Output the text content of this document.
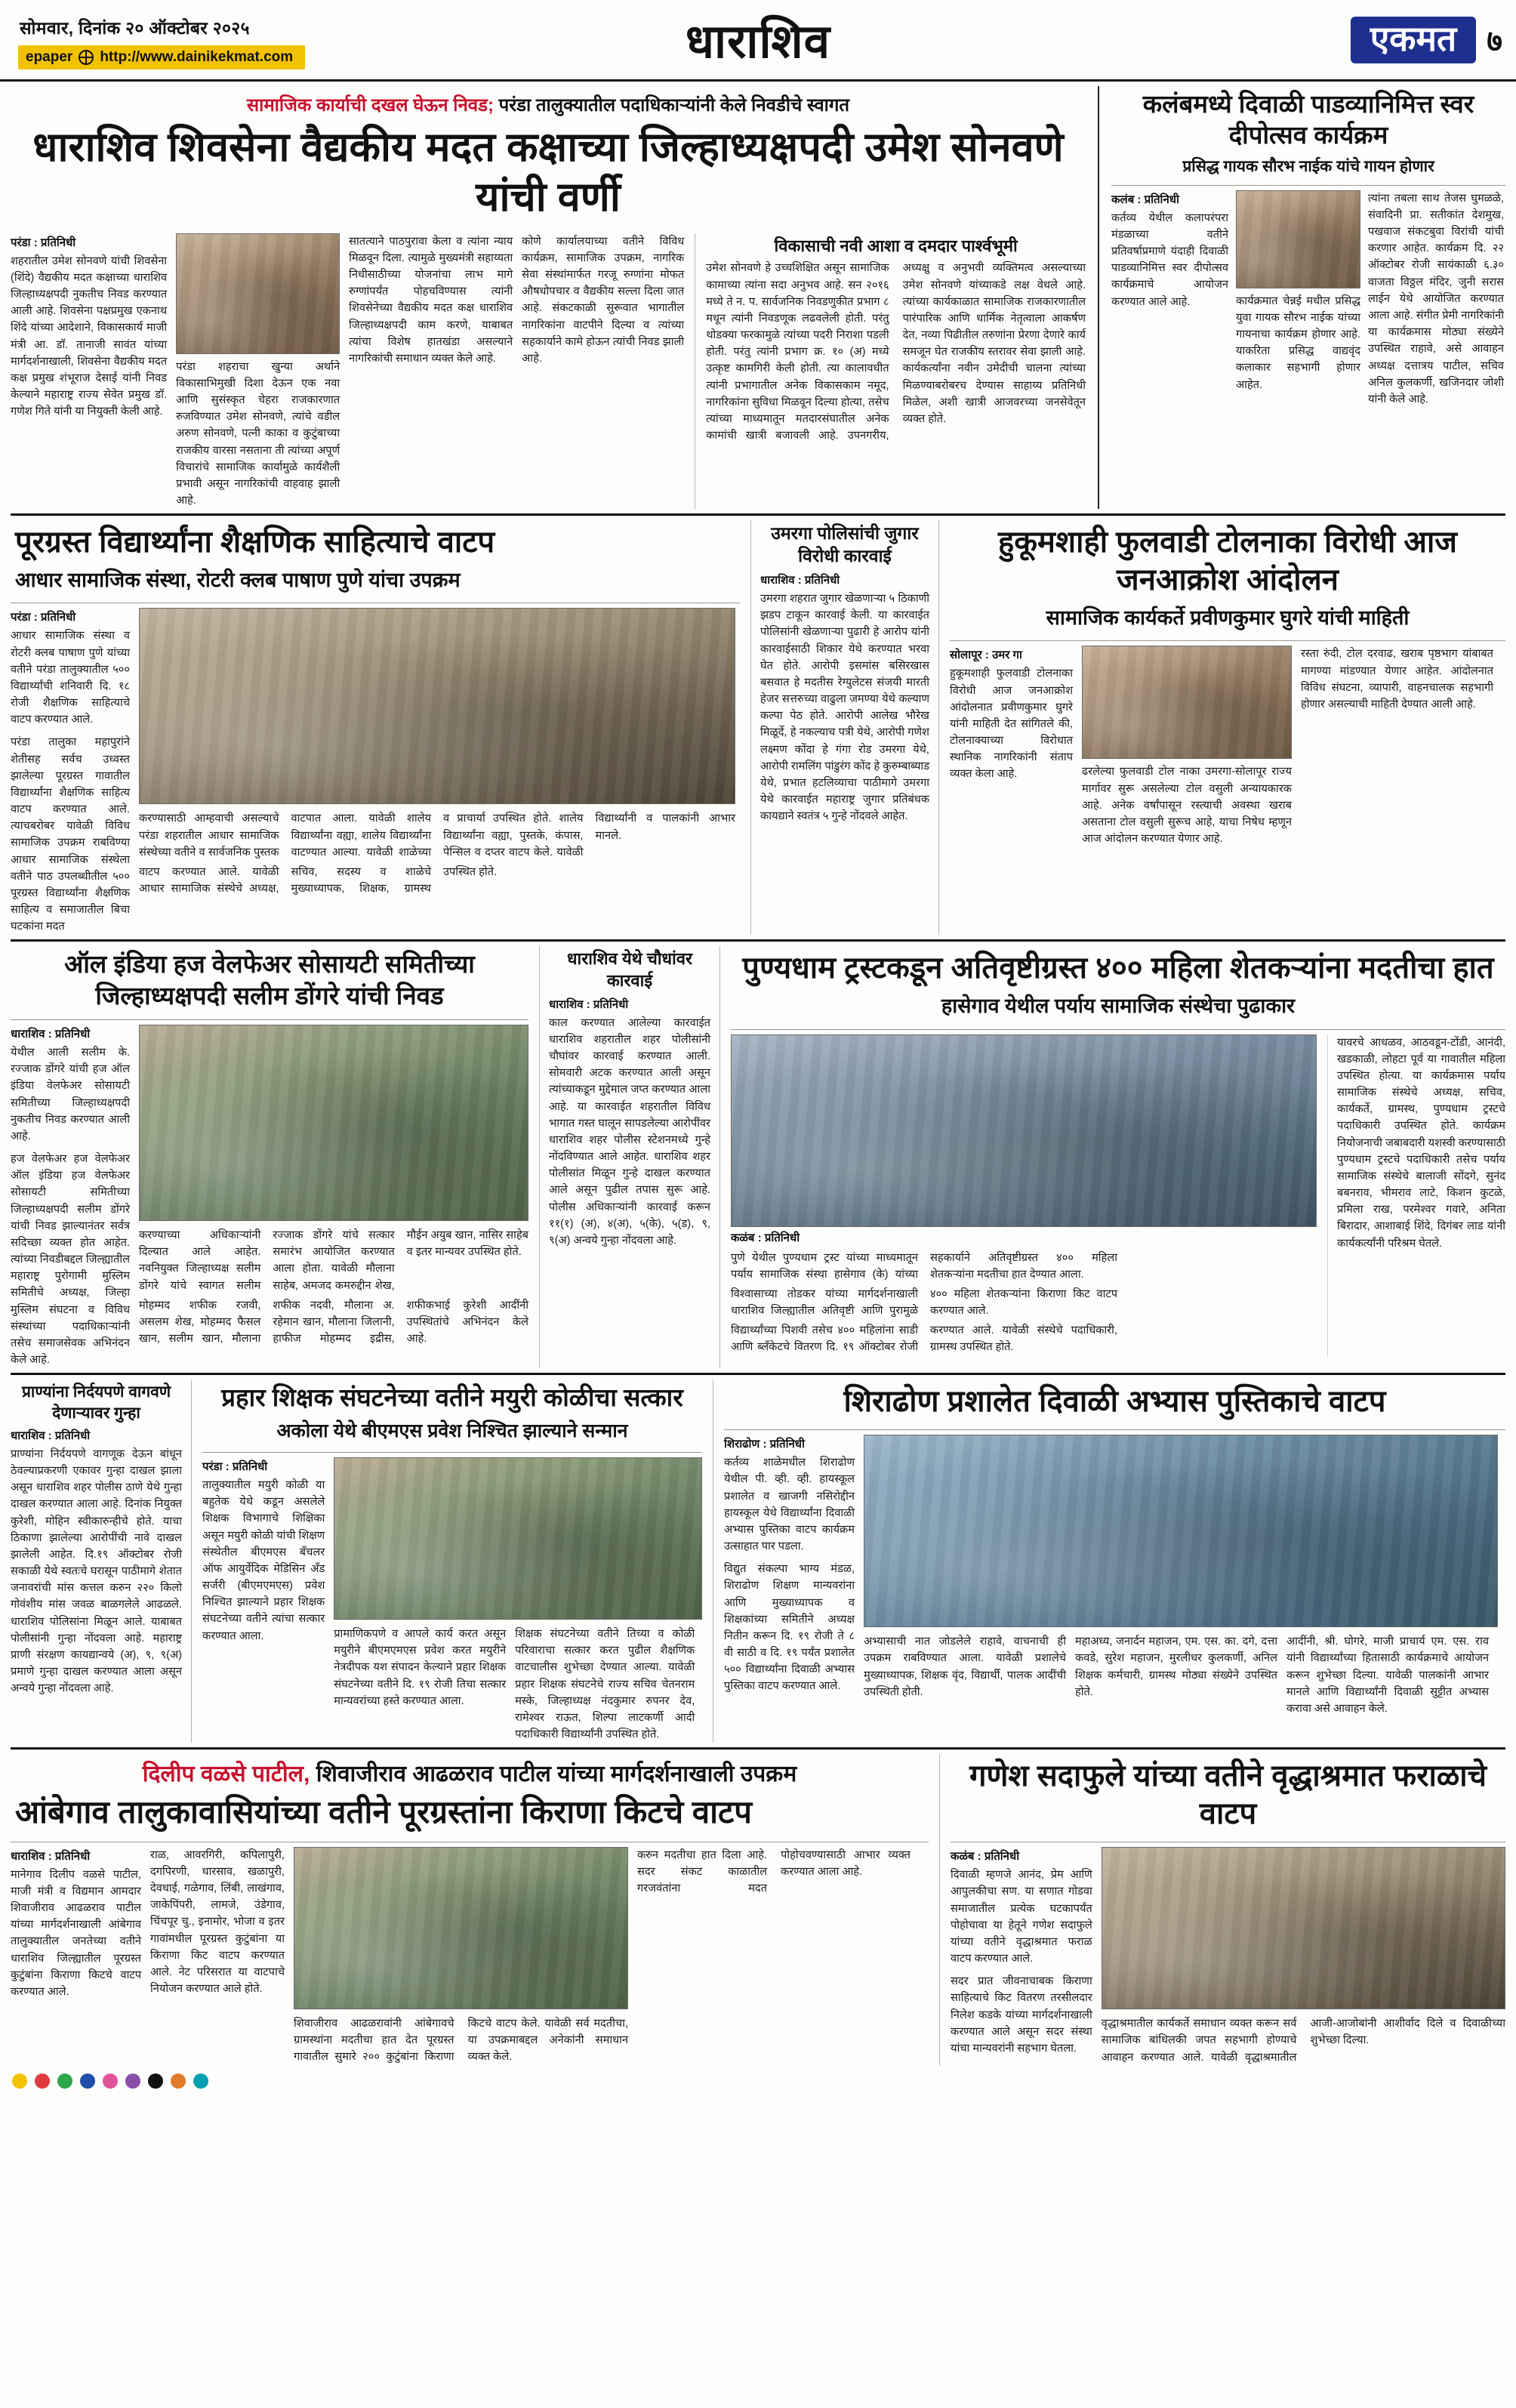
सोमवार, दिनांक २० ऑक्टोबर २०२५
epaper http://www.dainikekmat.com	धाराशिव	एकमत	७
सामाजिक कार्याची दखल घेऊन निवड; परंडा तालुक्यातील पदाधिकाऱ्यांनी केले निवडीचे स्वागत
धाराशिव शिवसेना वैद्यकीय मदत कक्षाच्या जिल्हाध्यक्षपदी उमेश सोनवणे यांची वर्णी
परंडा : प्रतिनिधी
शहरातील उमेश सोनवणे यांची शिवसेना (शिंदे) वैद्यकीय मदत कक्षाच्या धाराशिव जिल्हाध्यक्षपदी नुकतीच निवड करण्यात आली आहे. शिवसेना पक्षप्रमुख एकनाथ शिंदे यांच्या आदेशाने, विकासकार्य माजी मंत्री आ. डॉ. तानाजी सावंत यांच्या मार्गदर्शनाखाली, शिवसेना वैद्यकीय मदत कक्ष प्रमुख शंभूराज देसाई यांनी निवड केल्याने महाराष्ट्र राज्य सेवेत प्रमुख डॉ. गणेश गिते यांनी या नियुक्ती केली आहे.
परंडा शहराचा खुन्या अर्थाने विकासाभिमुखी दिशा देऊन एक नवा आणि सुसंस्कृत चेहरा राजकारणात रुजविण्यात उमेश सोनवणे, त्यांचे वडील अरुण सोनवणे, पत्नी काका व कुटुंबाच्या राजकीय वारसा नसताना ती त्यांच्या अपूर्ण विचारांचे सामाजिक कार्यामुळे कार्यशैली प्रभावी असून नागरिकांची वाहवाह झाली आहे.
सातत्याने पाठपुरावा केला व त्यांना न्याय मिळवून दिला. त्यामुळे मुख्यमंत्री सहाय्यता निधीसाठीच्या योजनांचा लाभ मागे रुग्णांपर्यंत पोहचविण्यास त्यांनी शिवसेनेच्या वैद्यकीय मदत कक्ष धाराशिव जिल्हाध्यक्षपदी काम करणे, याबाबत त्यांचा विशेष हातखंडा असल्याने नागरिकांची समाधान व्यक्त केले आहे.
कोणे कार्यालयाच्या वतीने विविध कार्यक्रम, सामाजिक उपक्रम, नागरिक सेवा संस्थांमार्फत गरजू रुग्णांना मोफत औषधोपचार व वैद्यकीय सल्ला दिला जात आहे. संकटकाळी सुरूवात भागातील नागरिकांना वाटपीने दिल्या व त्यांच्या सहकार्याने कामे होऊन त्यांची निवड झाली आहे.
विकासाची नवी आशा व दमदार पार्श्वभूमी
उमेश सोनवणे हे उच्चशिक्षित असून सामाजिक कामाच्या त्यांना सदा अनुभव आहे. सन २०१६ मध्ये ते न. प. सार्वजनिक निवडणुकीत प्रभाग ८ मधून त्यांनी निवडणूक लढवलेली होती. परंतु थोडक्या फरकामुळे त्यांच्या पदरी निराशा पडली होती. परंतु त्यांनी प्रभाग क्र. १० (अ) मध्ये उत्कृष्ट कामगिरी केली होती. त्या कालावधीत त्यांनी प्रभागातील अनेक विकासकाम नमूद, नागरिकांना सुविधा मिळवून दिल्या होत्या, तसेच त्यांच्या माध्यमातून मतदारसंघातील अनेक कामांची खात्री बजावली आहे. उपनगरीय, अध्यक्षु व अनुभवी व्यक्तिमत्व असल्याच्या उमेश सोनवणे यांच्याकडे लक्ष वेधले आहे. त्यांच्या कार्यकाळात सामाजिक राजकारणातील पारंपारिक आणि धार्मिक नेतृत्वाला आकर्षण देत, नव्या पिढीतील तरुणांना प्रेरणा देणारे कार्य समजून घेत राजकीय स्तरावर सेवा झाली आहे. कार्यकर्त्यांना नवीन उमेदीची चालना त्यांच्या मिळण्याबरोबरच देण्यास साहाय्य प्रतिनिधी मिळेल, अशी खात्री आजवरच्या जनसेवेतून व्यक्त होते.
कलंबमध्ये दिवाळी पाडव्यानिमित्त स्वर दीपोत्सव कार्यक्रम
प्रसिद्ध गायक सौरभ नाईक यांचे गायन होणार
कलंब : प्रतिनिधी
कर्तव्य येथील कलापरंपरा मंडळाच्या वतीने प्रतिवर्षाप्रमाणे यंदाही दिवाळी पाडव्यानिमित्त स्वर दीपोत्सव कार्यक्रमाचे आयोजन करण्यात आले आहे.	कार्यक्रमात चेन्नई मधील प्रसिद्ध युवा गायक सौरभ नाईक यांच्या गायनाचा कार्यक्रम होणार आहे. याकरिता प्रसिद्ध वाद्यवृंद कलाकार सहभागी होणार आहेत.
त्यांना तबला साथ तेजस घुमळळे, संवादिनी प्रा. सतीकांत देशमुख, पखवाज संकटबुवा विरांची यांची करणार आहेत. कार्यक्रम दि. २२ ऑक्टोबर रोजी सायंकाळी ६.३० वाजता विठ्ठल मंदिर, जुनी सरास लाईन येथे आयोजित करण्यात आला आहे. संगीत प्रेमी नागरिकांनी या कार्यक्रमास मोठ्या संख्येने उपस्थित राहावे, असे आवाहन अध्यक्ष दत्तात्रय पाटील, सचिव अनिल कुलकर्णी, खजिनदार जोशी यांनी केले आहे.
पूरग्रस्त विद्यार्थ्यांना शैक्षणिक साहित्याचे वाटप
आधार सामाजिक संस्था, रोटरी क्लब पाषाण पुणे यांचा उपक्रम
परंडा : प्रतिनिधी
आधार सामाजिक संस्था व रोटरी क्लब पाषाण पुणे यांच्या वतीने परंडा तालुक्यातील ५०० विद्यार्थ्यांची शनिवारी दि. १८ रोजी शैक्षणिक साहित्याचे वाटप करण्यात आले.
परंडा तालुका महापुरांने शेतीसह सर्वच उध्वस्त झालेल्या पूरग्रस्त गावातील विद्यार्थ्यांना शैक्षणिक साहित्य वाटप करण्यात आले. त्याचबरोबर यावेळी विविध सामाजिक उपक्रम राबविण्या आधार सामाजिक संस्थेला वतीने पाठ उपलब्धीतील ५०० पूरग्रस्त विद्यार्थ्यांना शैक्षणिक साहित्य व समाजातील बिचा घटकांना मदत
करण्यासाठी आम्हवाची असल्याचे परंडा शहरातील आधार सामाजिक संस्थेच्या वतीने व सार्वजनिक पुस्तक वाटपात आला. यावेळी शालेय विद्यार्थ्यांना वह्या, शालेय विद्यार्थ्यांना वाटण्यात आल्या. यावेळी शाळेच्या व प्राचार्या उपस्थित होते. शालेय विद्यार्थ्यांना वह्या, पुस्तके, कंपास, पेन्सिल व दप्तर वाटप केले. यावेळी विद्यार्थ्यांनी व पालकांनी आभार मानले.
वाटप करण्यात आले. यावेळी आधार सामाजिक संस्थेचे अध्यक्ष, सचिव, सदस्य व शाळेचे मुख्याध्यापक, शिक्षक, ग्रामस्थ उपस्थित होते.
उमरगा पोलिसांची जुगार विरोधी कारवाई
धाराशिव : प्रतिनिधी
उमरगा शहरात जुगार खेळणाऱ्या ५ ठिकाणी झडप टाकून कारवाई केली. या कारवाईत पोलिसांनी खेळणाऱ्या पुढारी हे आरोप यांनी कारवाईसाठी शिकार येथे करण्यात भरवा घेत होते. आरोपी इसमांस बसिरखास बसवात हे मदतीस रेग्युलेटस संजयी मारती हेजर सत्तरुच्या वाढुला जमण्या येथे कल्याण कल्पा पेठ होते. आरोपी आलेख भौरेख मिळूर्दे, हे नकल्याच पत्री येथे, आरोपी गणेश लक्ष्मण कोंदा हे गंगा रोड उमरगा येथे, आरोपी रामलिंग पांडुरंग कोंद हे कुरुम्बाब्याड येथे, प्रभात हटलिव्याचा पाठीमागे उमरगा येथे कारवाईत महाराष्ट्र जुगार प्रतिबंधक कायद्याने स्वतंत्र ५ गुन्हे नोंदवले आहेत.
हुकूमशाही फुलवाडी टोलनाका विरोधी आज जनआक्रोश आंदोलन
सामाजिक कार्यकर्ते प्रवीणकुमार घुगरे यांची माहिती
सोलापूर : उमर गा
हुकूमशाही फुलवाडी टोलनाका विरोधी आज जनआक्रोश आंदोलनात प्रवीणकुमार घुगरे यांनी माहिती देत सांगितले की, टोलनाक्याच्या विरोधात स्थानिक नागरिकांनी संताप व्यक्त केला आहे.	ढरलेल्या फुलवाडी टोल नाका उमरगा-सोलापूर राज्य मार्गावर सुरू असलेल्या टोल वसुली अन्यायकारक आहे. अनेक वर्षांपासून रस्त्याची अवस्था खराब असताना टोल वसुली सुरूच आहे, याचा निषेध म्हणून आज आंदोलन करण्यात येणार आहे.
रस्ता रुंदी, टोल दरवाढ, खराब पृष्ठभाग यांबाबत मागण्या मांडण्यात येणार आहेत. आंदोलनात विविध संघटना, व्यापारी, वाहनचालक सहभागी होणार असल्याची माहिती देण्यात आली आहे.
ऑल इंडिया हज वेलफेअर सोसायटी समितीच्या जिल्हाध्यक्षपदी सलीम डोंगरे यांची निवड
धाराशिव : प्रतिनिधी
येथील आली सलीम के. रज्जाक डोंगरे यांची हज ऑल इंडिया वेलफेअर सोसायटी समितीच्या जिल्हाध्यक्षपदी नुकतीच निवड करण्यात आली आहे.
हज वेलफेअर हज वेलफेअर ऑल इंडिया हज वेलफेअर सोसायटी समितीच्या जिल्हाध्यक्षपदी सलीम डोंगरे यांची निवड झाल्यानंतर सर्वत्र सदिच्छा व्यक्त होत आहेत. त्यांच्या निवडीबद्दल जिल्ह्यातील महाराष्ट्र पुरोगामी मुस्लिम समितीचे अध्यक्ष, जिल्हा मुस्लिम संघटना व विविध संस्थांच्या पदाधिकाऱ्यांनी तसेच समाजसेवक अभिनंदन केले आहे.
करण्याच्या अधिकाऱ्यांनी दिल्यात आले आहेत. नवनियुक्त जिल्हाध्यक्ष सलीम डोंगरे यांचे स्वागत सलीम रज्जाक डोंगरे यांचे सत्कार समारंभ आयोजित करण्यात आला होता. यावेळी मौलाना साहेब, अमजद कमरुद्दीन शेख, मौईन अयुब खान, नासिर साहेब व इतर मान्यवर उपस्थित होते.
मोहम्मद शफीक रजवी, असलम शेख, मोहम्मद फैसल खान, सलीम खान, मौलाना शफीक नदवी, मौलाना अ. रहेमान खान, मौलाना जिलानी, हाफीज मोहम्मद इद्रीस, शफीकभाई कुरेशी आदींनी उपस्थितांचे अभिनंदन केले आहे.
धाराशिव येथे चौधांवर कारवाई
धाराशिव : प्रतिनिधी
काल करण्यात आलेल्या कारवाईत धाराशिव शहरातील शहर पोलीसांनी चौघांवर कारवाई करण्यात आली. सोमवारी अटक करण्यात आली असून त्यांच्याकडून मुद्देमाल जप्त करण्यात आला आहे. या कारवाईत शहरातील विविध भागात गस्त घालून सापडलेल्या आरोपींवर धाराशिव शहर पोलीस स्टेशनमध्ये गुन्हे नोंदविण्यात आले आहेत. धाराशिव शहर पोलीसांत मिळून गुन्हे दाखल करण्यात आले असून पुढील तपास सुरू आहे. पोलीस अधिकाऱ्यांनी कारवाई करून ११(१) (अ), ४(अ), ५(के), ५(ड), ९, ९(अ) अन्वये गुन्हा नोंदवला आहे.
पुण्यधाम ट्रस्टकडून अतिवृष्टीग्रस्त ४०० महिला शेतकऱ्यांना मदतीचा हात
हासेगाव येथील पर्याय सामाजिक संस्थेचा पुढाकार
कळंब : प्रतिनिधी
पुणे येथील पुण्यधाम ट्रस्ट यांच्या माध्यमातून पर्याय सामाजिक संस्था हासेगाव (के) यांच्या सहकार्याने अतिवृष्टीग्रस्त ४०० महिला शेतकऱ्यांना मदतीचा हात देण्यात आला.
विश्वासाच्या तोडकर यांच्या मार्गदर्शनाखाली धाराशिव जिल्ह्यातील अतिवृष्टी आणि पुरामुळे ४०० महिला शेतकऱ्यांना किराणा किट वाटप करण्यात आले.
विद्यार्थ्यांच्या पिशवी तसेच ४०० महिलांना साडी आणि ब्लँकेटचे वितरण दि. १९ ऑक्टोबर रोजी करण्यात आले. यावेळी संस्थेचे पदाधिकारी, ग्रामस्थ उपस्थित होते.
यावरचे आधळव, आठवडून-टोंडी, आनंदी, खडकाळी, लोहटा पूर्व या गावातील महिला उपस्थित होत्या. या कार्यक्रमास पर्याय सामाजिक संस्थेचे अध्यक्ष, सचिव, कार्यकर्ते, ग्रामस्थ, पुण्यधाम ट्रस्टचे पदाधिकारी उपस्थित होते. कार्यक्रम नियोजनाची जबाबदारी यशस्वी करण्यासाठी पुण्यधाम ट्रस्टचे पदाधिकारी तसेच पर्याय सामाजिक संस्थेचे बालाजी सोंदगे, सुनंद बबनराव, भीमराव लाटे, किशन कुटळे, प्रमिला राख, परमेश्वर गवारे, अनिता बिरादार, आशाबाई शिंदे, दिगंबर लाड यांनी कार्यकर्त्यांनी परिश्रम घेतले.
प्राण्यांना निर्दयपणे वागवणे देणाऱ्यावर गुन्हा
धाराशिव : प्रतिनिधी
प्राण्यांना निर्दयपणे वागणूक देऊन बांधून ठेवल्याप्रकरणी एकावर गुन्हा दाखल झाला असून धाराशिव शहर पोलीस ठाणे येथे गुन्हा दाखल करण्यात आला आहे. दिनांक नियुक्त कुरेशी, मोहिन स्वीकारुन्हीचे होते. याचा ठिकाणा झालेल्या आरोपींची नावे दाखल झालेली आहेत. दि.१९ ऑक्टोबर रोजी सकाळी येथे स्वतःचे घरासून पाठीमागे शेतात जनावरांची मांस कत्तल करुन २२० किलो गोवंशीय मांस जवळ बाळगलेले आढळले. धाराशिव पोलिसांना मिळून आले. याबाबत पोलीसांनी गुन्हा नोंदवला आहे. महाराष्ट्र प्राणी संरक्षण कायद्यान्वये (अ), ९, ९(अ) प्रमाणे गुन्हा दाखल करण्यात आला असून अन्वये गुन्हा नोंदवला आहे.
प्रहार शिक्षक संघटनेच्या वतीने मयुरी कोळीचा सत्कार
अकोला येथे बीएमएस प्रवेश निश्चित झाल्याने सन्मान
परंडा : प्रतिनिधी
तालुक्यातील मयुरी कोळी या बहुतेक येथे कडून असलेले शिक्षक विभागाचे शिक्षिका असून मयुरी कोळी यांची शिक्षण संस्थेतील बीएमएस बँचलर ऑफ आयुर्वेदिक मेडिसिन अँड सर्जरी (बीएमएमएस) प्रवेश निश्चित झाल्याने प्रहार शिक्षक संघटनेच्या वतीने त्यांचा सत्कार करण्यात आला.	प्रामाणिकपणे व आपले कार्य करत असून मयुरीने बीएमएमएस प्रवेश करत मयुरीने नेत्रदीपक यश संपादन केल्याने प्रहार शिक्षक संघटनेच्या वतीने दि. १९ रोजी तिचा सत्कार मान्यवरांच्या हस्ते करण्यात आला.
शिक्षक संघटनेच्या वतीने तिच्या व कोळी परिवाराचा सत्कार करत पुढील शैक्षणिक वाटचालीस शुभेच्छा देण्यात आल्या. यावेळी प्रहार शिक्षक संघटनेचे राज्य सचिव चेतनराम मस्के, जिल्हाध्यक्ष नंदकुमार रुपनर देव, रामेश्वर राऊत, शिल्पा लाटकर्णी आदी पदाधिकारी विद्यार्थ्यांनी उपस्थित होते.
शिराढोण प्रशालेत दिवाळी अभ्यास पुस्तिकाचे वाटप
शिराढोण : प्रतिनिधी
कर्तव्य शाळेमधील शिराढोण येथील पी. व्ही. व्ही. हायस्कूल प्रशालेत व खाजगी नसिरोद्दीन हायस्कूल येथे विद्यार्थ्यांना दिवाळी अभ्यास पुस्तिका वाटप कार्यक्रम उत्साहात पार पडला.
विद्युत संकल्पा भाग्य मंडळ, शिराढोण शिक्षण मान्यवरांना आणि मुख्याध्यापक व शिक्षकांच्या समितीने अध्यक्ष नितीन करून दि. १९ रोजी ते ८ वी साठी व दि. १९ पर्यंत प्रशालेत ५०० विद्यार्थ्यांना दिवाळी अभ्यास पुस्तिका वाटप करण्यात आले.
अभ्यासाची नात जोडलेले राहावे, वाचनाची ही उपक्रम राबविण्यात आला. यावेळी प्रशालेचे मुख्याध्यापक, शिक्षक वृंद, विद्यार्थी, पालक आदींची उपस्थिती होती.
महाअध्य, जनार्दन महाजन, एम. एस. का. दगे, दत्ता कवडे, सुरेश महाजन, मुरलीधर कुलकर्णी, अनिल शिक्षक कर्मचारी, ग्रामस्थ मोठ्या संख्येने उपस्थित होते.
आदींनी, श्री. घोगरे, माजी प्राचार्य एम. एस. राव यांनी विद्यार्थ्यांच्या हितासाठी कार्यक्रमाचे आयोजन करून शुभेच्छा दिल्या. यावेळी पालकांनी आभार मानले आणि विद्यार्थ्यांनी दिवाळी सुट्टीत अभ्यास करावा असे आवाहन केले.
दिलीप वळसे पाटील, शिवाजीराव आढळराव पाटील यांच्या मार्गदर्शनाखाली उपक्रम
आंबेगाव तालुकावासियांच्या वतीने पूरग्रस्तांना किराणा किटचे वाटप
धाराशिव : प्रतिनिधी
मानेगाव दिलीप वळसे पाटील, माजी मंत्री व विद्यमान आमदार शिवाजीराव आढळराव पाटील यांच्या मार्गदर्शनाखाली आंबेगाव तालुक्यातील जनतेच्या वतीने धाराशिव जिल्ह्यातील पूरग्रस्त कुटुंबांना किराणा किटचे वाटप करण्यात आले.
राळ, आवरगिरी, कपिलापुरी, दगपिरणी, धारसाव, खळापुरी, देवधाई, गळेगाव, लिंबी, लाखंगाव, जाकेपिंपरी, लामजे, उंडेगाव, चिंचपूर चु., इनामोर, भोजा व इतर गावांमधील पूरग्रस्त कुटुंबांना या किराणा किट वाटप करण्यात आले. नेट परिसरात या वाटपाचे नियोजन करण्यात आले होते.
शिवाजीराव आढळरावांनी आंबेगावचे ग्रामस्थांना मदतीचा हात देत पूरग्रस्त गावातील सुमारे २०० कुटुंबांना किराणा किटचे वाटप केले. यावेळी सर्व मदतीचा, या उपक्रमाबद्दल अनेकांनी समाधान व्यक्त केले.
करुन मदतीचा हात दिला आहे. सदर संकट काळातील गरजवंतांना मदत पोहोचवण्यासाठी आभार व्यक्त करण्यात आला आहे.
गणेश सदाफुले यांच्या वतीने वृद्धाश्रमात फराळाचे वाटप
कळंब : प्रतिनिधी
दिवाळी म्हणजे आनंद, प्रेम आणि आपुलकीचा सण. या सणात गोडवा समाजातील प्रत्येक घटकापर्यंत पोहोचावा या हेतूने गणेश सदाफुले यांच्या वतीने वृद्धाश्रमात फराळ वाटप करण्यात आले.
सदर प्रात जीवनाचाबक किराणा साहित्याचे किट वितरण तरसीलदार निलेश कडके यांच्या मार्गदर्शनाखाली करण्यात आले असून सदर संस्था यांचा मान्यवरांनी सहभाग घेतला.
वृद्धाश्रमातील कार्यकर्ते समाधान व्यक्त करून सर्व सामाजिक बांधिलकी जपत सहभागी होण्याचे आवाहन करण्यात आले. यावेळी वृद्धाश्रमातील आजी-आजोबांनी आशीर्वाद दिले व दिवाळीच्या शुभेच्छा दिल्या.
